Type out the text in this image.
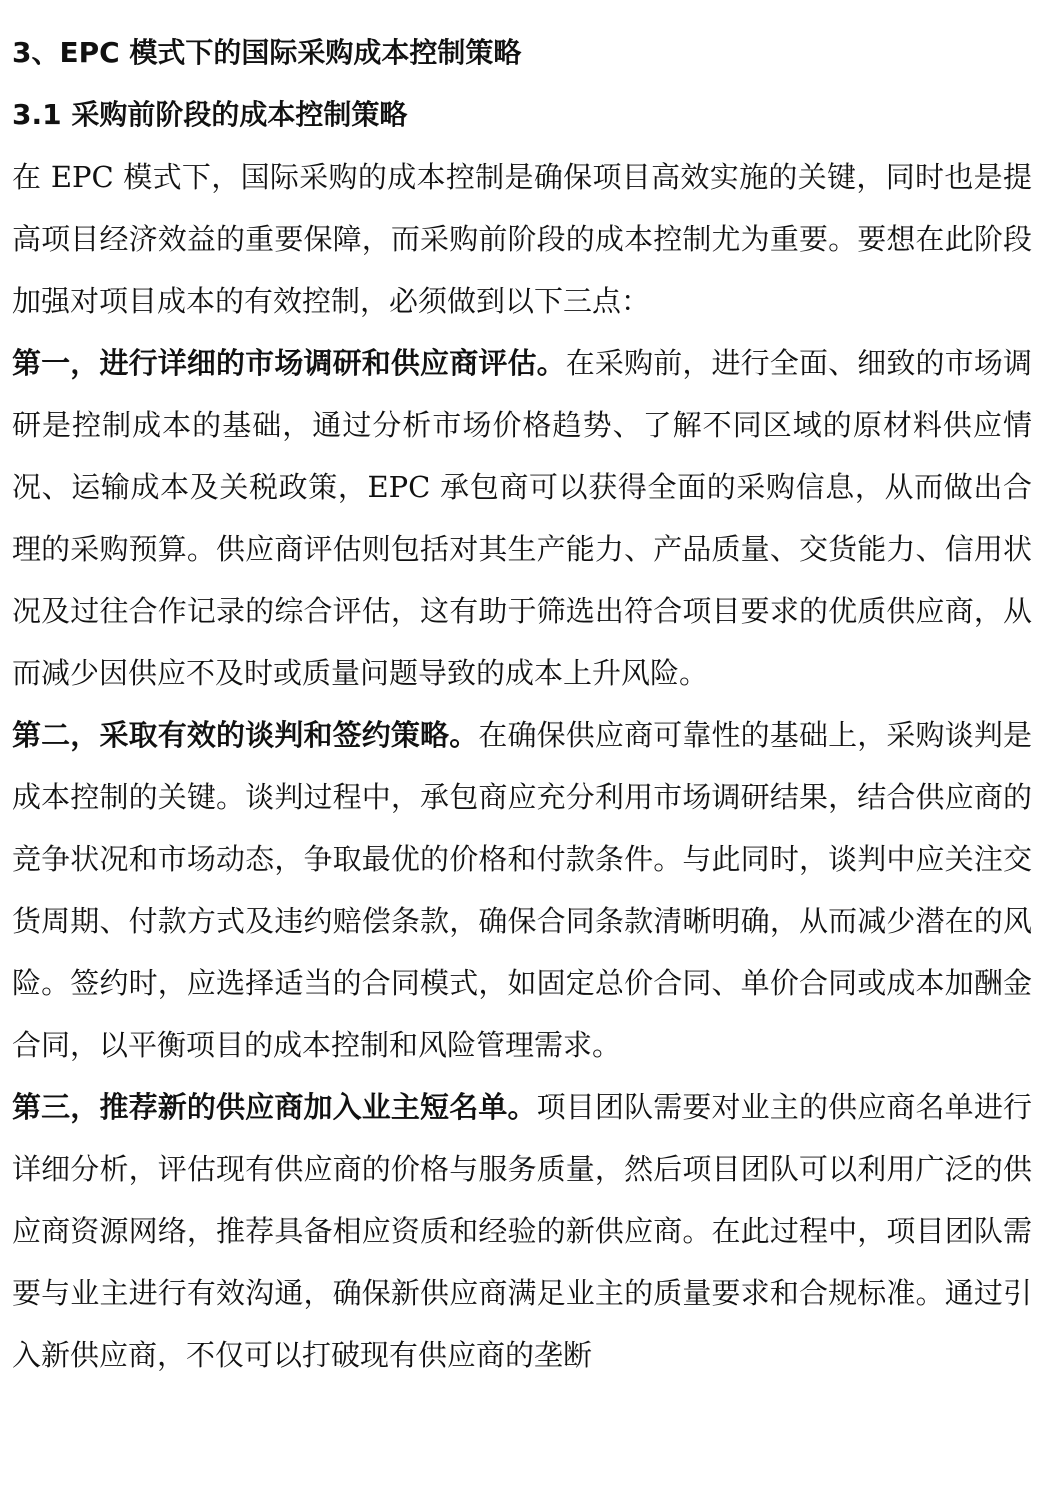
3、EPC 模式下的国际采购成本控制策略

3.1 采购前阶段的成本控制策略

在 EPC 模式下，国际采购的成本控制是确保项目高效实施的关键，同时也是提高项目经济效益的重要保障，而采购前阶段的成本控制尤为重要。要想在此阶段加强对项目成本的有效控制，必须做到以下三点：

第一，进行详细的市场调研和供应商评估。在采购前，进行全面、细致的市场调研是控制成本的基础，通过分析市场价格趋势、了解不同区域的原材料供应情况、运输成本及关税政策，EPC 承包商可以获得全面的采购信息，从而做出合理的采购预算。供应商评估则包括对其生产能力、产品质量、交货能力、信用状况及过往合作记录的综合评估，这有助于筛选出符合项目要求的优质供应商，从而减少因供应不及时或质量问题导致的成本上升风险。

第二，采取有效的谈判和签约策略。在确保供应商可靠性的基础上，采购谈判是成本控制的关键。谈判过程中，承包商应充分利用市场调研结果，结合供应商的竞争状况和市场动态，争取最优的价格和付款条件。与此同时，谈判中应关注交货周期、付款方式及违约赔偿条款，确保合同条款清晰明确，从而减少潜在的风险。签约时，应选择适当的合同模式，如固定总价合同、单价合同或成本加酬金合同，以平衡项目的成本控制和风险管理需求。

第三，推荐新的供应商加入业主短名单。项目团队需要对业主的供应商名单进行详细分析，评估现有供应商的价格与服务质量，然后项目团队可以利用广泛的供应商资源网络，推荐具备相应资质和经验的新供应商。在此过程中，项目团队需要与业主进行有效沟通，确保新供应商满足业主的质量要求和合规标准。通过引入新供应商，不仅可以打破现有供应商的垄断
